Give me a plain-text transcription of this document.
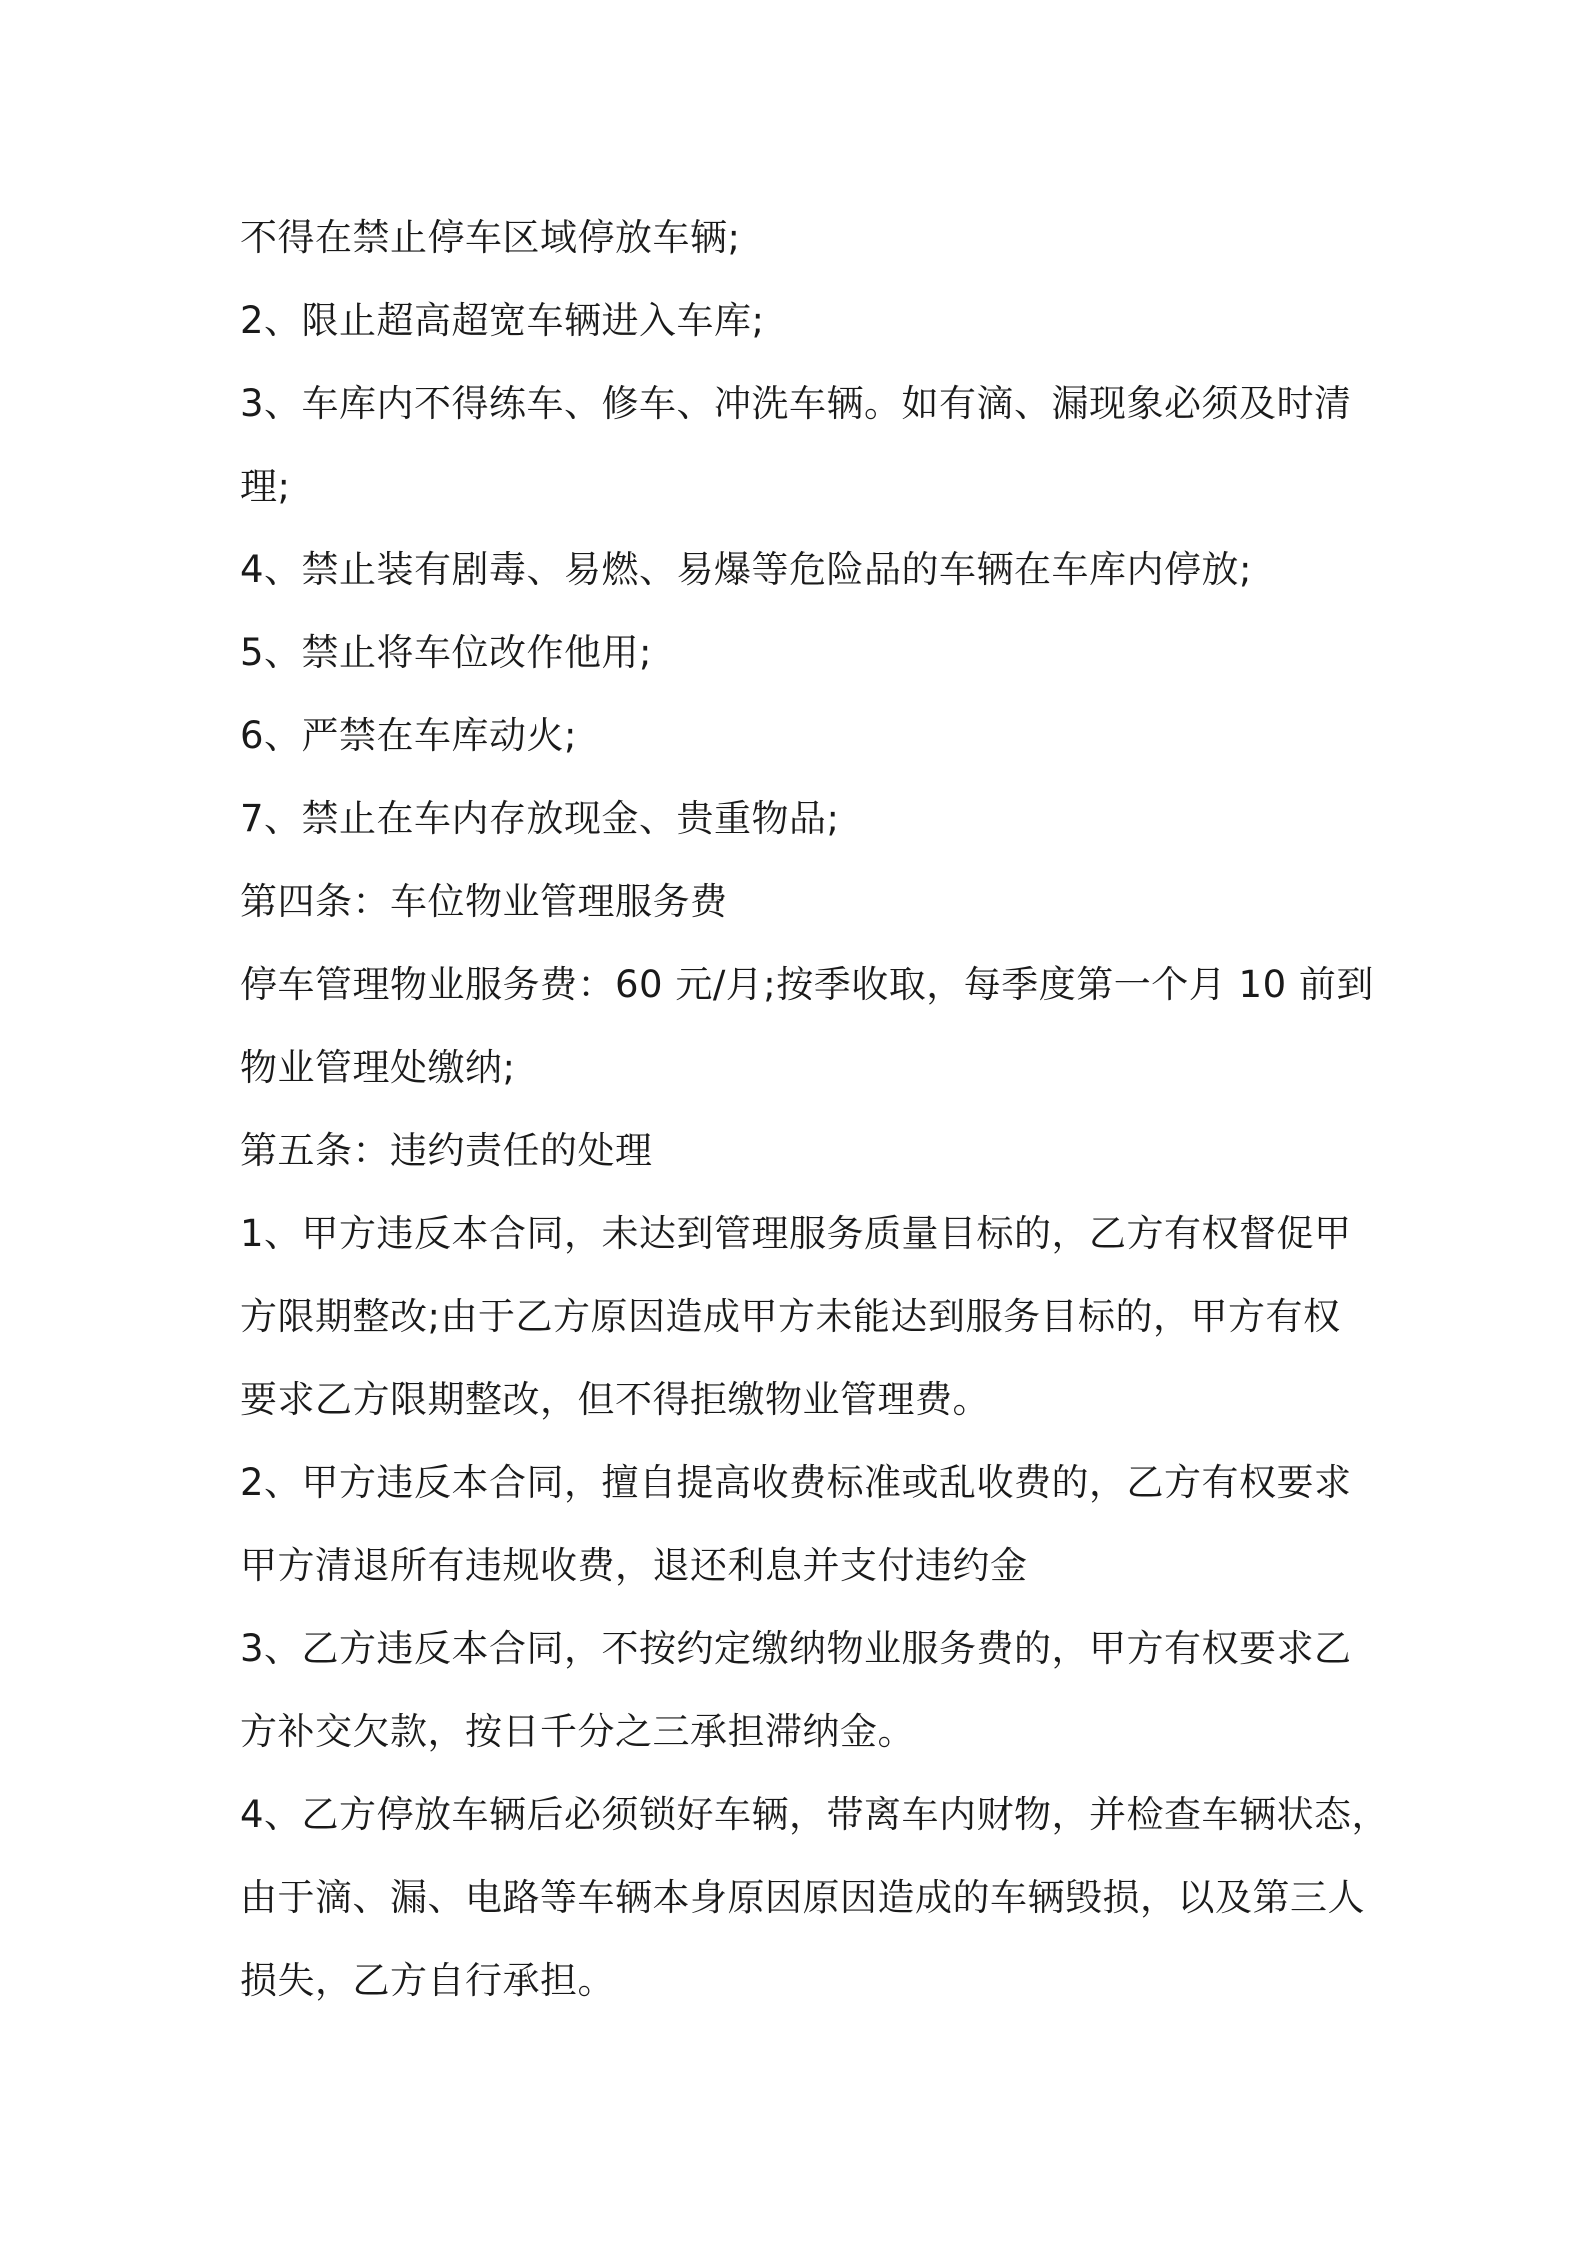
不得在禁止停车区域停放车辆;
2、限止超高超宽车辆进入车库;
3、车库内不得练车、修车、冲洗车辆。如有滴、漏现象必须及时清
理;
4、禁止装有剧毒、易燃、易爆等危险品的车辆在车库内停放;
5、禁止将车位改作他用;
6、严禁在车库动火;
7、禁止在车内存放现金、贵重物品;
第四条：车位物业管理服务费
停车管理物业服务费：60 元/月;按季收取，每季度第一个月 10 前到
物业管理处缴纳;
第五条：违约责任的处理
1、甲方违反本合同，未达到管理服务质量目标的，乙方有权督促甲
方限期整改;由于乙方原因造成甲方未能达到服务目标的，甲方有权
要求乙方限期整改，但不得拒缴物业管理费。
2、甲方违反本合同，擅自提高收费标准或乱收费的，乙方有权要求
甲方清退所有违规收费，退还利息并支付违约金
3、乙方违反本合同，不按约定缴纳物业服务费的，甲方有权要求乙
方补交欠款，按日千分之三承担滞纳金。
4、乙方停放车辆后必须锁好车辆，带离车内财物，并检查车辆状态，
由于滴、漏、电路等车辆本身原因原因造成的车辆毁损，以及第三人
损失，乙方自行承担。
